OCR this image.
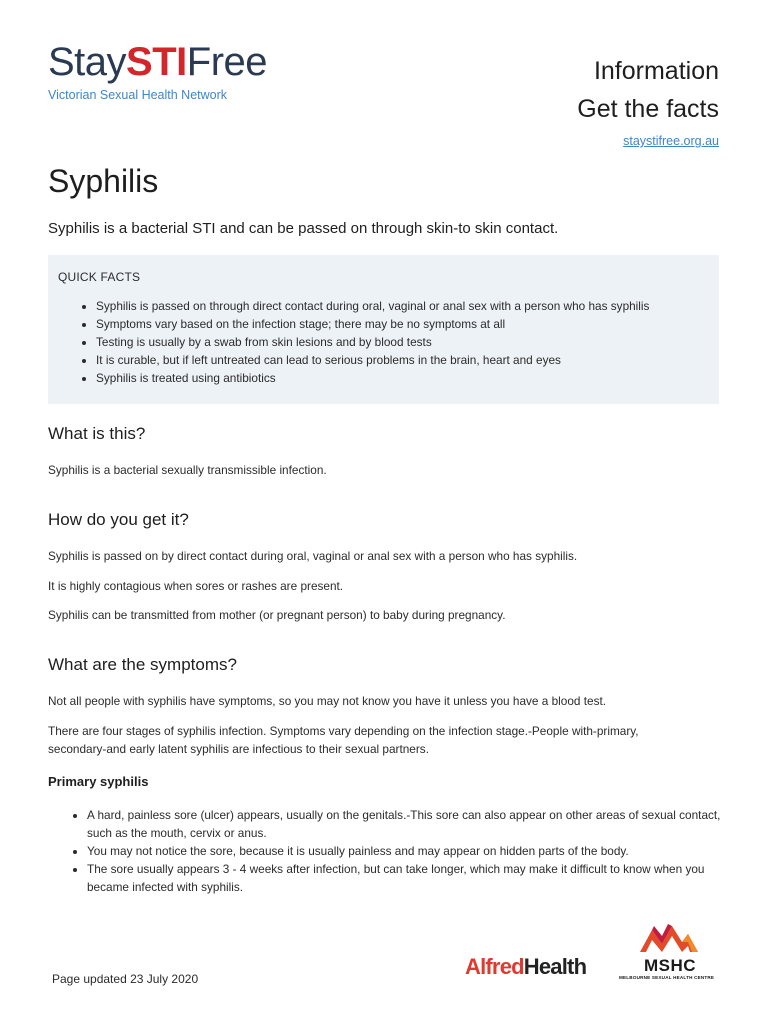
StaySTIFree
Victorian Sexual Health Network
Information
Get the facts
staystifree.org.au
Syphilis

Syphilis is a bacterial STI and can be passed on through skin-to skin contact.

QUICK FACTS
• Syphilis is passed on through direct contact during oral, vaginal or anal sex with a person who has syphilis
• Symptoms vary based on the infection stage; there may be no symptoms at all
• Testing is usually by a swab from skin lesions and by blood tests
• It is curable, but if left untreated can lead to serious problems in the brain, heart and eyes
• Syphilis is treated using antibiotics
What is this?

Syphilis is a bacterial sexually transmissible infection.

How do you get it?

Syphilis is passed on by direct contact during oral, vaginal or anal sex with a person who has syphilis.

It is highly contagious when sores or rashes are present.

Syphilis can be transmitted from mother (or pregnant person) to baby during pregnancy.

What are the symptoms?

Not all people with syphilis have symptoms, so you may not know you have it unless you have a blood test.

There are four stages of syphilis infection. Symptoms vary depending on the infection stage.-People with-primary, secondary-and early latent syphilis are infectious to their sexual partners.

Primary syphilis
• A hard, painless sore (ulcer) appears, usually on the genitals.-This sore can also appear on other areas of sexual contact, such as the mouth, cervix or anus.
• You may not notice the sore, because it is usually painless and may appear on hidden parts of the body.
• The sore usually appears 3 - 4 weeks after infection, but can take longer, which may make it difficult to know when you became infected with syphilis.
Page updated 23 July 2020	AlfredHealth	MSHC
MELBOURNE SEXUAL HEALTH CENTRE
